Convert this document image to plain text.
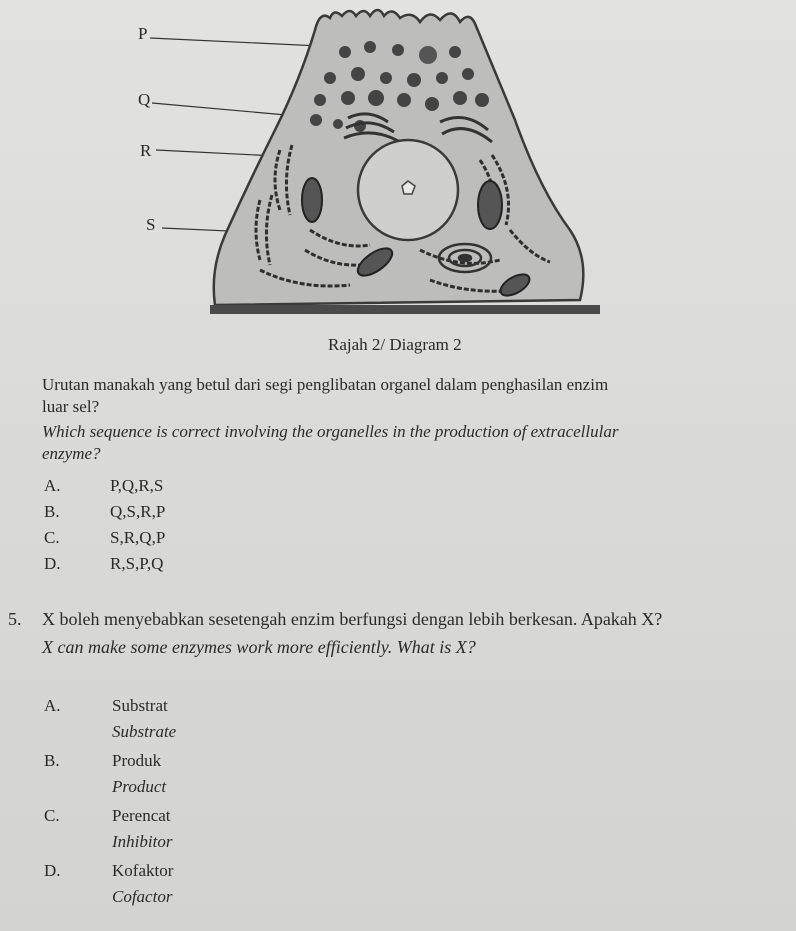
P
Q
R
S
Rajah 2/ Diagram 2
Urutan manakah yang betul dari segi penglibatan organel dalam penghasilan enzim
luar sel?
Which sequence is correct involving the organelles in the production of extracellular
enzyme?
A.	P,Q,R,S
B.	Q,S,R,P
C.	S,R,Q,P
D.	R,S,P,Q
5. X boleh menyebabkan sesetengah enzim berfungsi dengan lebih berkesan. Apakah X?
X can make some enzymes work more efficiently. What is X?
A.	Substrat
Substrate
B.	Produk
Product
C.	Perencat
Inhibitor
D.	Kofaktor
Cofactor
